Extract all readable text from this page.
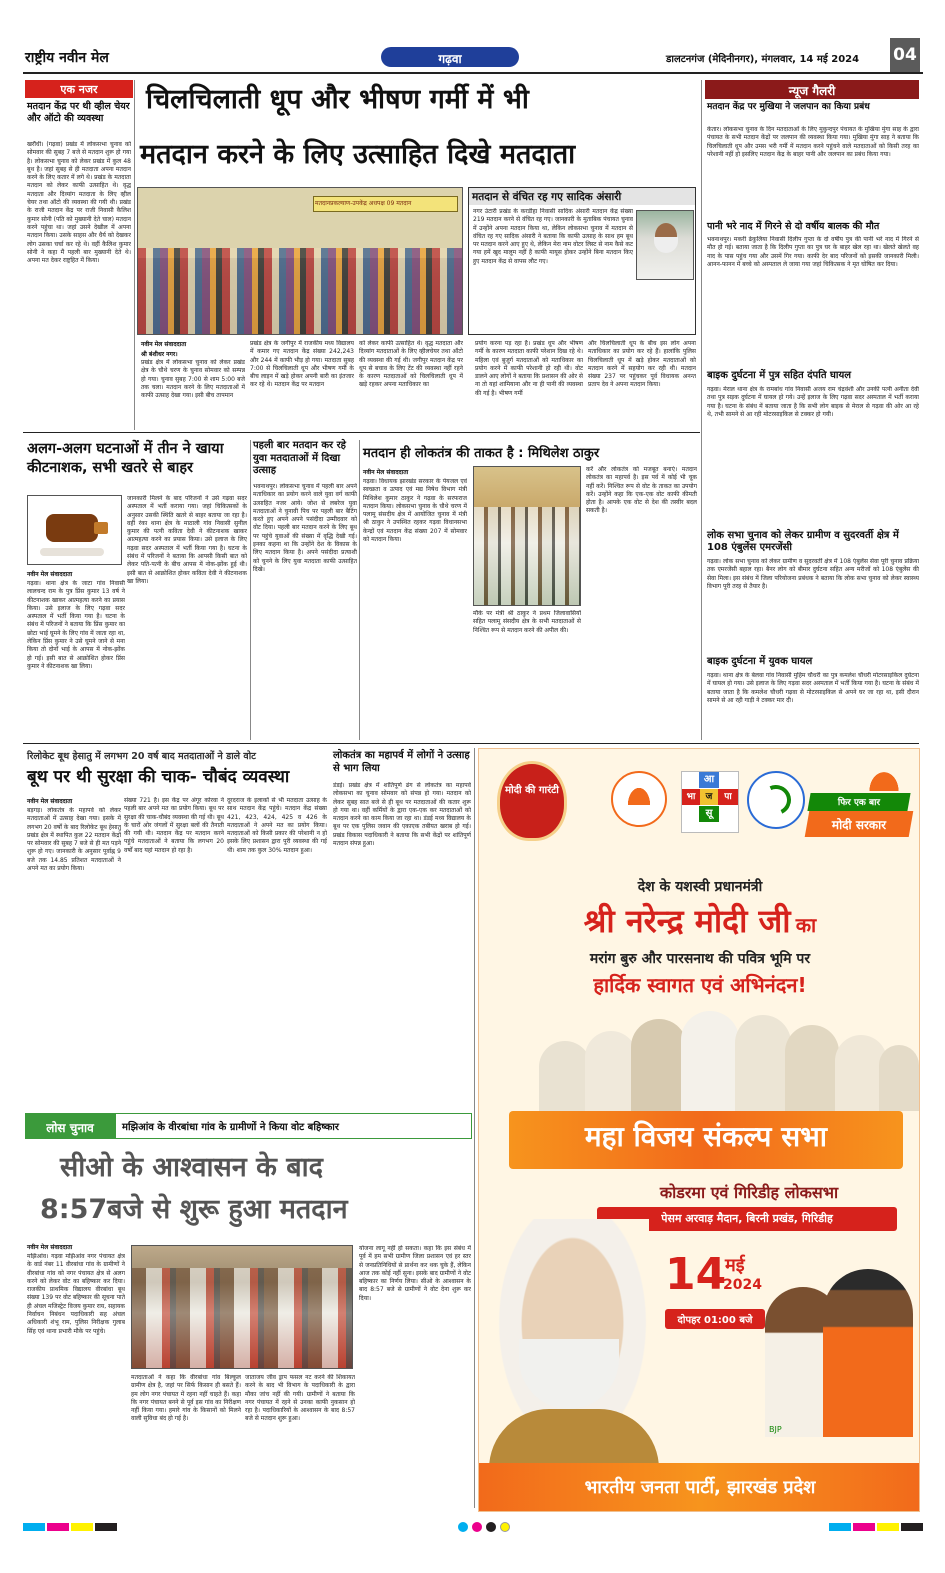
राष्ट्रीय नवीन मेल	गढ़वा	डालटनगंज (मेदिनीनगर), मंगलवार, 14 मई 2024 04
एक नजर
मतदान केंद्र पर थी व्हील चेयर और ऑटो की व्यवस्था
खरौंधी। (गढ़वा) प्रखंड में लोकसभा चुनाव को सोमवार की सुबह 7 बजे से मतदान शुरू हो गया है। लोकसभा चुनाव को लेकर प्रखंड में कुल 48 बूथ है। जहां सुबह से ही मतदाता अपना मतदान करने के लिए कतार में लगे थे। प्रखंड के मतदाता मतदान को लेकर काफी उत्साहित थे। वृद्ध मतदाता और दिव्यांग मतदाता के लिए व्हील चेयर तथा ऑटो की व्यवस्था की गयी थी। प्रखंड के राजी मतदान केंद्र पर राजी निवासी कैलिश कुमार सोनी (पति को मुख्यानी देते चाल) मतदान करने पहुंचा था। जहां उसने देखील में अपना मतदान किया। उसके साहस और धैर्य को देखकर लोग उसका चर्चा कर रहे थे। वहीं कैलिश कुमार सोनी ने कहा मैं पहली बार मुख्यानी देते थे। अपना मत देकर राष्ट्रहित में किया।
चिलचिलाती धूप और भीषण गर्मी में भी
मतदान करने के लिए उत्साहित दिखे मतदाता
मतदानप्रकल्याण-उपकेंद्र अधपक्ष 09 मतदान
मतदान से वंचित रह गए सादिक अंसारी
नगर उंटारी प्रखंड के करडीहा निवासी सादिक अंसारी मतदान केंद्र संख्या 219 मतदान करने से वंचित रह गए। जानकारी के मुताबिक पंचायत चुनाव में उन्होंने अपना मतदान किया था, लेकिन लोकसभा चुनाव में मतदान से वंचित रह गए सादिक अंसारी ने बताया कि काफी उत्साह के साथ हम बूथ पर मतदान करने आए हुए थे, लेकिन मेरा नाम वोटर लिस्ट से नाम कैसे कट गया हमें खुद मालूम नहीं है काफी मायूस होकर उन्होंने बिना मतदान किए हुए मतदान केंद्र से वापस लौट गए।
नवीन मेल संवाददाता
श्री बंशीधर नगर।
प्रखंड क्षेत्र में लोकसभा चुनाव को लेकर प्रखंड क्षेत्र के चौथे चरण के चुनाव सोमवार को सम्पन्न हो गया। चुनाव सुबह 7:00 से शाम 5:00 बजे तक चला। मतदान करने के लिए मतदाताओं में काफी उत्साह देखा गया। इसी बीच तापमान
प्रखंड क्षेत्र के जगीपुर में राजकीय मध्य विद्यालय में कमार गए मतदान केंद्र संख्या 242,243 और 244 में काफी भीड़ हो गया। मतदाता सुबह 7:00 से चिलचिलाती धूप और भीषण गर्मी के बीच लाइन में खड़े होकर अपनी बारी का इंतजार कर रहे थे। मतदान केंद्र पर मतदान
को लेकर काफी उत्साहित थे। वृद्ध मतदाता और दिव्यांग मतदाताओं के लिए व्हीलचेयर तथा ऑटो की व्यवस्था की गई थी। जगीपुर मतदान केंद्र पर धूप से बचाव के लिए टेंट की व्यवस्था नहीं रहने के कारण मतदाताओं को चिलचिलाती धूप में खड़े रहकर अपना मताधिकार का
प्रयोग करना पड़ रहा है। प्रखंड धूप और भीषण गर्मी के कारण मतदाता काफी परेशान दिख रहे थे। महिला एवं बुजुर्ग मतदाताओं को मताधिकार का प्रयोग करने में काफी परेशानी हो रही थी। वोट डालने आए लोगों ने बताया कि प्रशासन की ओर से ना तो यहां शामियाना और ना ही पानी की व्यवस्था की गई है। भीषण गर्मी
और चिलचिलाती धूप के बीच इस लोग अपना मताधिकार का प्रयोग कर रहे हैं। हालांकि पुलिस चिलचिलाती धूप में खड़े होकर मतदाताओं को मतदान करने में सहयोग कर रही थी। मतदान संख्या 237 पर पहुंचकर पूर्व विधायक अनन्त प्रताप देव ने अपना मतदान किया।
न्यूज गैलरी
मतदान केंद्र पर मुखिया ने जलपान का किया प्रबंध
केतार। लोकसभा चुनाव के दिन मतदाताओं के लिए मुकुन्दपुर पंचायत के मुखिया मुंगा साह के द्वारा पंचायत के सभी मतदान केंद्रों पर जलपान की व्यवस्था किया गया। मुखिया मुंगा साह ने बताया कि चिलचिलाती धूप और उमस भरी गर्मी में मतदान करने पहुंचने वाले मतदाताओं को किसी तरह का परेशानी नहीं हो इसलिए मतदान केंद्र के बाहर पानी और जलपान का प्रबंध किया गया।
पानी भरे नाद में गिरने से दो वर्षीय बालक की मौत
भवनाथपुर। मकरी ढेकुलिया निवासी दिलीप गुप्ता के दो वर्षीय पुत्र की पानी भरे नाद में गिरने से मौत हो गई। बताया जाता है कि दिलीप गुप्ता का पुत्र घर के बाहर खेल रहा था। खेलते खेलते वह नाद के पास पहुंच गया और उसमें गिर गया। काफी देर बाद परिजनों को इसकी जानकारी मिली। आनन-फानन में बच्चे को अस्पताल ले जाया गया जहां चिकित्सक ने मृत घोषित कर दिया।
बाइक दुर्घटना में पुत्र सहित दंपति घायल
गढ़वा। मेराल थाना क्षेत्र के रामबांध गांव निवासी अजय राम चंद्रवंशी और उनकी पत्नी अनीता देवी तथा पुत्र सड़क दुर्घटना में घायल हो गये। उन्हें इलाज के लिए गढ़वा सदर अस्पताल में भर्ती कराया गया है। घटना के संबंध में बताया जाता है कि सभी लोग बाइक से मेराल से गढ़वा की ओर आ रहे थे, तभी सामने से आ रही मोटरसाइकिल से टक्कर हो गयी।
लोक सभा चुनाव को लेकर ग्रामीण व सुदरवर्ती क्षेत्र में 108 एंबुलेंस एमरजेंसी
गढ़वा। लोक सभा चुनाव को लेकर ग्रामीण व सुदरवर्ती क्षेत्र में 108 एंबुलेंस सेवा पूरी चुनाव प्रक्रिया तक एमरजेंसी बहाल रहा। बैनर लोग को बीमार दुर्घटना सहित अन्य मरीजों को 108 एंबुलेंस की सेवा मिला। इस संबंध में जिला परियोजना प्रबंधक ने बताया कि लोक सभा चुनाव को लेकर स्वास्थ्य विभाग पूरी तरह से तैयार है।
बाइक दुर्घटना में युवक घायल
गढ़वा। थाना क्षेत्र के बेलवा गांव निवासी मुहिम चौधरी का पुत्र कमलेश चौधरी मोटरसाइकिल दुर्घटना में घायल हो गया। उसे इलाज के लिए गढ़वा सदर अस्पताल में भर्ती किया गया है। घटना के संबंध में बताया जाता है कि कमलेश चौधरी गढ़वा से मोटरसाइकिल से अपने घर जा रहा था, इसी दौरान सामने से आ रही गाड़ी ने टक्कर मार दी।
अलग-अलग घटनाओं में तीन ने खाया कीटनाशक, सभी खतरे से बाहर
नवीन मेल संवाददाता
गढ़वा। थाना क्षेत्र के जाटा गांव निवासी लालचन्द राम के पुत्र प्रिंस कुमार 13 वर्ष ने कीटनाशक खाकर आत्महत्या करने का प्रयास किया। उसे इलाज के लिए गढ़वा सदर अस्पताल में भर्ती किया गया है। घटना के संबंध में परिजनों ने बताया कि प्रिंस कुमार का छोटा भाई घूमने के लिए गांव में जाता रहा था, लेकिन प्रिंस कुमार ने उसे घूमने जाने से मना किया तो दोनों भाई के आपस में नोक-झोंक हो गई। इसी बात से आक्रोशित होकर प्रिंस कुमार ने कीटनाशक खा लिया।
जानकारी मिलने के बाद परिजनों ने उसे गढ़वा सदर अस्पताल में भर्ती कराया गया। जहां चिकित्सकों के अनुसार उसकी स्थिति खतरे से बाहर बताया जा रहा है। वहीं रंका थाना क्षेत्र के माठाली गांव निवासी सुनील कुमार की पत्नी कविता देवी ने कीटनाशक खाकर आत्महत्या करने का प्रयास किया। उसे इलाज के लिए गढ़वा सदर अस्पताल में भर्ती किया गया है। घटना के संबंध में परिजनों ने बताया कि आपसी किसी बात को लेकर पति-पत्नी के बीच आपस में नोक-झोंक हुई थी। इसी बात से आक्रोशित होकर कविता देवी ने कीटनाशक खा लिया।
पहली बार मतदान कर रहे युवा मतदाताओं में दिखा उत्साह
भवनाथपुर। लोकसभा चुनाव में पहली बार अपने मताधिकार का प्रयोग करने वाले युवा वर्ग काफी उत्साहित नजर आये। जोश से लबरेज युवा मतदाताओं ने चुनावी पिच पर पहली बार बैटिंग करते हुए अपने अपने पसंदीदा उम्मीदवार को वोट दिया। पहली बार मतदान करने के लिए बूथ पर पहुंचे युवाओं की संख्या में वृद्धि देखी गई। इनका कहना था कि उन्होंने देश के विकास के लिए मतदान किया है। अपने पसंदीदा प्रत्याशी को चुनने के लिए युवा मतदाता काफी उत्साहित दिखे।
मतदान ही लोकतंत्र की ताकत है : मिथिलेश ठाकुर
नवीन मेल संवाददाता
गढ़वा। विधायक झारखंड सरकार के पेयजल एवं स्वच्छता व उत्पाद एवं मद्य निषेध विभाग मंत्री मिथिलेश कुमार ठाकुर ने गढ़वा के सरफराज मतदान किया। लोकसभा चुनाव के चौथे चरण में पलामू संसदीय क्षेत्र में आयोजित चुनाव में मंत्री श्री ठाकुर ने उपस्थित रहकर गढ़वा विधानसभा केन्द्रों एवं मतदान केंद्र संख्या 207 में सोमवार को मतदान किया।
मौके पर मंत्री श्री ठाकुर ने प्रथम जिलावासियों सहित पलामू संसदीय क्षेत्र के सभी मतदाताओं से निश्चित रूप से मतदान करने की अपील की।
करें और लोकतंत्र को मजबूत बनाएं। मतदान लोकतंत्र का महापर्व है। इस पर्व में कोई भी चूक नहीं करें। निश्चित रूप से वोट के ताकत का उपयोग करें। उन्होंने कहा कि एक-एक वोट काफी कीमती होता है। आपके एक वोट से देश की तस्वीर बदल सकती है।
रिलोकेट बूथ हेसातु में लगभग 20 वर्ष बाद मतदाताओं ने डाले वोट
बूथ पर थी सुरक्षा की चाक- चौबंद व्यवस्था
नवीन मेल संवाददाता
बड़गड़। लोकतंत्र के महापर्व को लेकर मतदाताओं में उत्साह देखा गया। इसके में लगभग 20 वर्षों के बाद रिलोकेट बूथ हेसातु प्रखंड क्षेत्र में स्थापित कुल 22 मतदान केंद्रों पर सोमवार की सुबह 7 बजे से ही मत पड़ने शुरू हो गए। जानकारी के अनुसार पूर्वाह्न 9 बजे तक 14.85 प्रतिशत मतदाताओं ने अपने मत का प्रयोग किया।
संख्या 721 है। इस केंद्र पर अंगूर कोरवा ने पहली बार अपने मत का प्रयोग किया। बूथ पर सुरक्षा की चाक-चौबंद व्यवस्था की गई थी। बूथ के चारों ओर जंगलों में सुरक्षा बलों की तैनाती की गयी थी। मतदान केंद्र पर मतदान करने पहुंचे मतदाताओं ने बताया कि लगभग 20 वर्षों बाद यहां मतदान हो रहा है।
दूरदराज के इलाकों से भी मतदाता उत्साह के साथ मतदान केंद्र पहुंचे। मतदान केंद्र संख्या 421, 423, 424, 425 व 426 के मतदाताओं ने अपने मत का प्रयोग किया। मतदाताओं को किसी प्रकार की परेशानी न हो इसके लिए प्रशासन द्वारा पूरी व्यवस्था की गई थी। शाम तक कुल 30% मतदान हुआ।
लोकतंत्र का महापर्व में लोगों ने उत्साह से भाग लिया
डंडई। प्रखंड क्षेत्र में शांतिपूर्ण ढंग से लोकतंत्र का महापर्व लोकसभा का चुनाव सोमवार को संपन्न हो गया। मतदान को लेकर सुबह सात बजे से ही बूथ पर मतदाताओं की कतार शुरू हो गया था। वहीं कर्मियों के द्वारा एक-एक कर मतदाताओं को मतदान करने का काम किया जा रहा था। डंडई मध्य विद्यालय के बूथ पर एक पुलिस जवान की एकाएक तबीयत खराब हो गई। प्रखंड विकास पदाधिकारी ने बताया कि सभी केंद्रों पर शांतिपूर्ण मतदान संपन्न हुआ।
लोस चुनाव	मझिआंव के वीरबांधा गांव के ग्रामीणों ने किया वोट बहिष्कार
सीओ के आश्वासन के बाद
8:57बजे से शुरू हुआ मतदान
नवीन मेल संवाददाता
मझिआंव। गढ़वा मझिआंव नगर पंचायत क्षेत्र के वार्ड नंबर 11 वीरबांधा गांव के ग्रामीणों ने वीरबांधा गांव को नगर पंचायत क्षेत्र से अलग करने को लेकर वोट का बहिष्कार कर दिया। राजकीय प्राथमिक विद्यालय वीरबांधा बूथ संख्या 139 पर वोट बहिष्कार की सूचना पाते ही अंचल मजिस्ट्रेट विजय कुमार राय, सहायक निर्वाचन निबंधन पदाधिकारी सह अंचल अधिकारी शंभू राम, पुलिस निरीक्षक गुलाब सिंह एवं थाना प्रभारी मौके पर पहुंचे।
मतदाताओं ने कहा कि वीरबांधा गांव बिल्कुल ग्रामीण क्षेत्र है, जहां पर सिर्फ किसान ही बसते हैं। हम लोग नगर पंचायत में रहना नहीं चाहते हैं। कहा कि नगर पंचायत बनने से पूर्व इस गांव का निरीक्षण नहीं किया गया। हमारे गांव के किसानों को मिलने वाली सुविधा बंद हो गई है।
जाताजय जीव ड्राप फसल नट करने की शिकायत करने के बाद भी विभाग के पदाधिकारी के द्वारा मौका जांच नहीं की गयी। ग्रामीणों ने बताया कि नगर पंचायत में रहने से उनका काफी नुकसान हो रहा है। पदाधिकारियों के आश्वासन के बाद 8:57 बजे से मतदान शुरू हुआ।
योजना लागू नहीं हो सकता। कहा कि इस संबंध में पूर्व में हम सभी ग्रामीण जिला प्रशासन एवं हर स्तर से जनप्रतिनिधियों से प्रार्थना कर थक चुके हैं, लेकिन आज तक कोई नहीं सुना। इसके बाद ग्रामीणों ने वोट बहिष्कार का निर्णय लिया। सीओ के आश्वासन के बाद 8:57 बजे से ग्रामीणों ने वोट देना शुरू कर दिया।
मोदी की गारंटी
आ
भा	ज	पा
सू
फिर एक बार
मोदी सरकार
देश के यशस्वी प्रधानमंत्री
श्री नरेन्द्र मोदी जी का
मरांग बुरु और पारसनाथ की पवित्र भूमि पर
हार्दिक स्वागत एवं अभिनंदन!
महा विजय संकल्प सभा
कोडरमा एवं गिरिडीह लोकसभा
पेसम अरवाड़ मैदान, बिरनी प्रखंड, गिरिडीह
14
मई
2024
दोपहर 01:00 बजे
BJP
भारतीय जनता पार्टी, झारखंड प्रदेश
